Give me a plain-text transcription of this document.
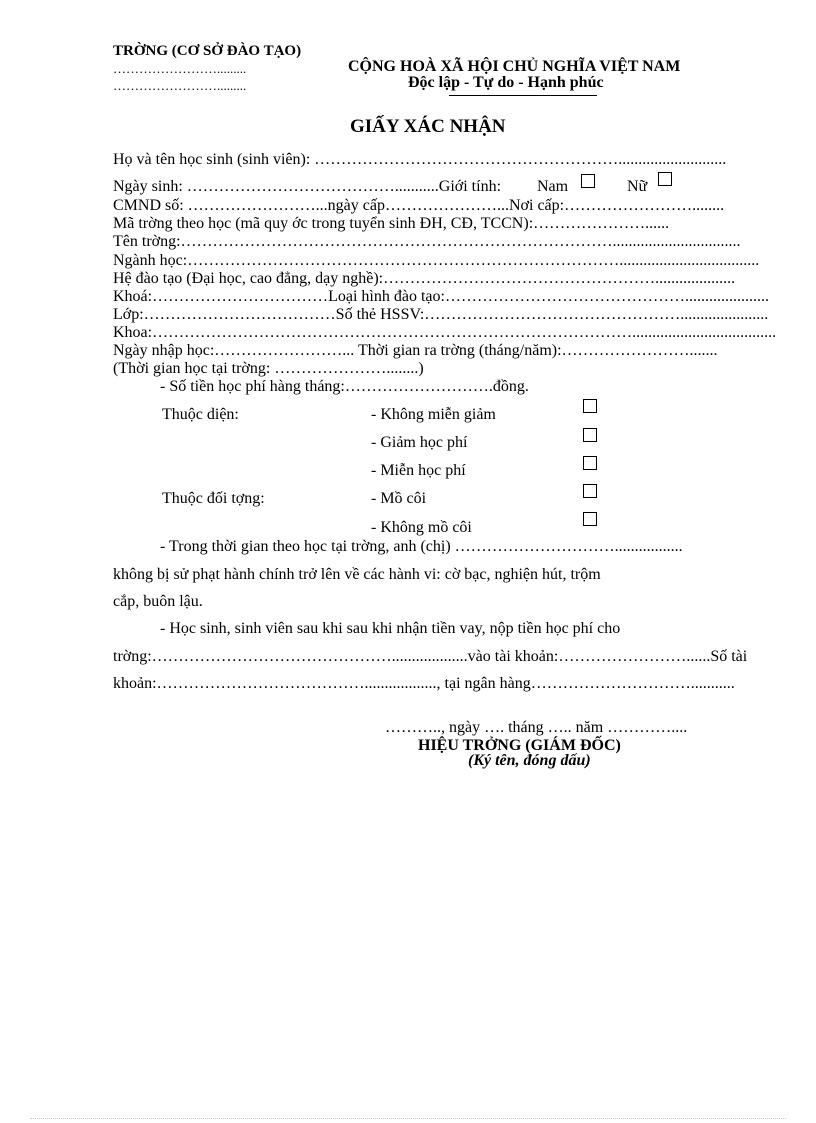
TRỜNG (CƠ SỞ ĐÀO TẠO)
…………………….........
…………………….........
CỘNG HOÀ XÃ HỘI CHỦ NGHĨA VIỆT NAM
Độc lập - Tự do - Hạnh phúc
GIẤY XÁC NHẬN
Họ và tên học sinh (sinh viên): …………………………………………………...........................
Ngày sinh: …………………………………...........Giới tính: Nam	Nữ
CMND số: ……………………...ngày cấp…………………...Nơi cấp:……………………........
Mã trờng theo học (mã quy ớc trong tuyển sinh ĐH, CĐ, TCCN):…………………......
Tên trờng:………………………………………………………………………................................
Ngành học:………………………………………………………………………...................................
Hệ đào tạo (Đại học, cao đẳng, dạy nghề):……………………………………………....................
Khoá:……………………………Loại hình đào tạo:……………………………………….....................
Lớp:………………………………Số thẻ HSSV:…………………………………………......................
Khoa:………………………………………………………………………………....................................
Ngày nhập học:……………………... Thời gian ra trờng (tháng/năm):…………………….......
(Thời gian học tại trờng: …………………........)
- Số tiền học phí hàng tháng:……………………….đồng.
Thuộc diện:	- Không miễn giảm
- Giảm học phí
- Miễn học phí
Thuộc đối tợng:	- Mồ côi
- Không mồ côi
- Trong thời gian theo học tại trờng, anh (chị) ………………………….................
không bị sử phạt hành chính trở lên về các hành vi: cờ bạc, nghiện hút, trộm
cắp, buôn lậu.
- Học sinh, sinh viên sau khi sau khi nhận tiền vay, nộp tiền học phí cho
trờng:………………………………………...................vào tài khoản:……………………......Số tài
khoản:………………………………….................., tại ngân hàng…………………………...........
……….., ngày …. tháng ….. năm …………....
HIỆU TRỞNG (GIÁM ĐỐC)
(Ký tên, đóng dấu)
